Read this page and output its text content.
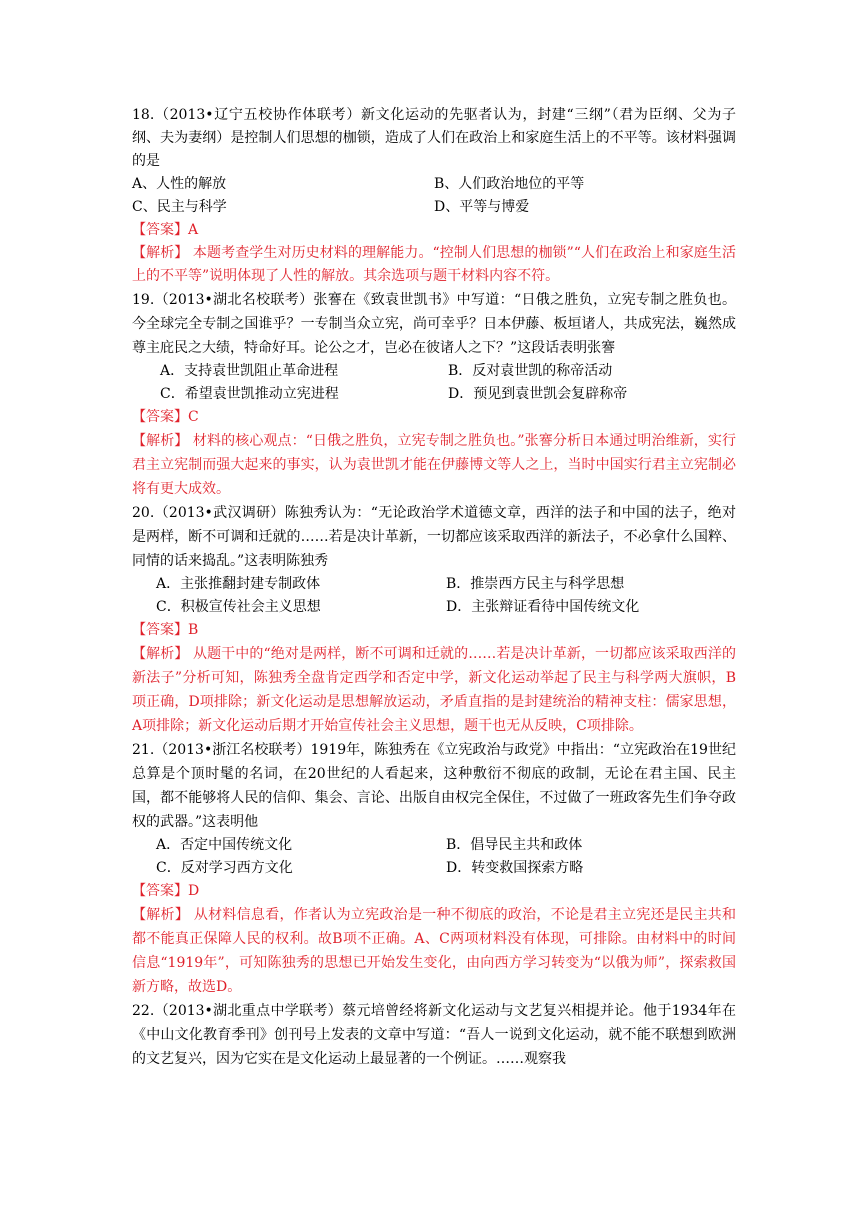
18.（2013•辽宁五校协作体联考）新文化运动的先驱者认为，封建“三纲”（君为臣纲、父为子纲、夫为妻纲）是控制人们思想的枷锁，造成了人们在政治上和家庭生活上的不平等。该材料强调的是

A、人性的解放	B、人们政治地位的平等
C、民主与科学	D、平等与博爱

【答案】A

【解析】 本题考查学生对历史材料的理解能力。“控制人们思想的枷锁”“人们在政治上和家庭生活上的不平等”说明体现了人性的解放。其余选项与题干材料内容不符。

19.（2013•湖北名校联考）张謇在《致袁世凯书》中写道：“日俄之胜负，立宪专制之胜负也。今全球完全专制之国谁乎？一专制当众立宪，尚可幸乎？日本伊藤、板垣诸人，共成宪法，巍然成尊主庇民之大绩，特命好耳。论公之才，岂必在彼诸人之下？”这段话表明张謇

A．支持袁世凯阻止革命进程	B．反对袁世凯的称帝活动
C．希望袁世凯推动立宪进程	D．预见到袁世凯会复辟称帝

【答案】C

【解析】 材料的核心观点：“日俄之胜负，立宪专制之胜负也。”张謇分析日本通过明治维新，实行君主立宪制而强大起来的事实，认为袁世凯才能在伊藤博文等人之上，当时中国实行君主立宪制必将有更大成效。

20.（2013•武汉调研）陈独秀认为：“无论政治学术道德文章，西洋的法子和中国的法子，绝对是两样，断不可调和迁就的……若是决计革新，一切都应该采取西洋的新法子，不必拿什么国粹、同情的话来捣乱。”这表明陈独秀

A．主张推翻封建专制政体	B．推崇西方民主与科学思想
C．积极宣传社会主义思想	D．主张辩证看待中国传统文化

【答案】B

【解析】 从题干中的“绝对是两样，断不可调和迁就的……若是决计革新，一切都应该采取西洋的新法子”分析可知，陈独秀全盘肯定西学和否定中学，新文化运动举起了民主与科学两大旗帜，B项正确，D项排除；新文化运动是思想解放运动，矛盾直指的是封建统治的精神支柱：儒家思想，A项排除；新文化运动后期才开始宣传社会主义思想，题干也无从反映，C项排除。

21.（2013•浙江名校联考）1919年，陈独秀在《立宪政治与政党》中指出：“立宪政治在19世纪总算是个顶时髦的名词，在20世纪的人看起来，这种敷衍不彻底的政制，无论在君主国、民主国，都不能够将人民的信仰、集会、言论、出版自由权完全保住，不过做了一班政客先生们争夺政权的武器。”这表明他

A．否定中国传统文化	B．倡导民主共和政体
C．反对学习西方文化	D．转变救国探索方略

【答案】D

【解析】 从材料信息看，作者认为立宪政治是一种不彻底的政治，不论是君主立宪还是民主共和都不能真正保障人民的权利。故B项不正确。A、C两项材料没有体现，可排除。由材料中的时间信息“1919年”，可知陈独秀的思想已开始发生变化，由向西方学习转变为“以俄为师”，探索救国新方略，故选D。

22.（2013•湖北重点中学联考）蔡元培曾经将新文化运动与文艺复兴相提并论。他于1934年在《中山文化教育季刊》创刊号上发表的文章中写道：“吾人一说到文化运动，就不能不联想到欧洲的文艺复兴，因为它实在是文化运动上最显著的一个例证。……观察我
